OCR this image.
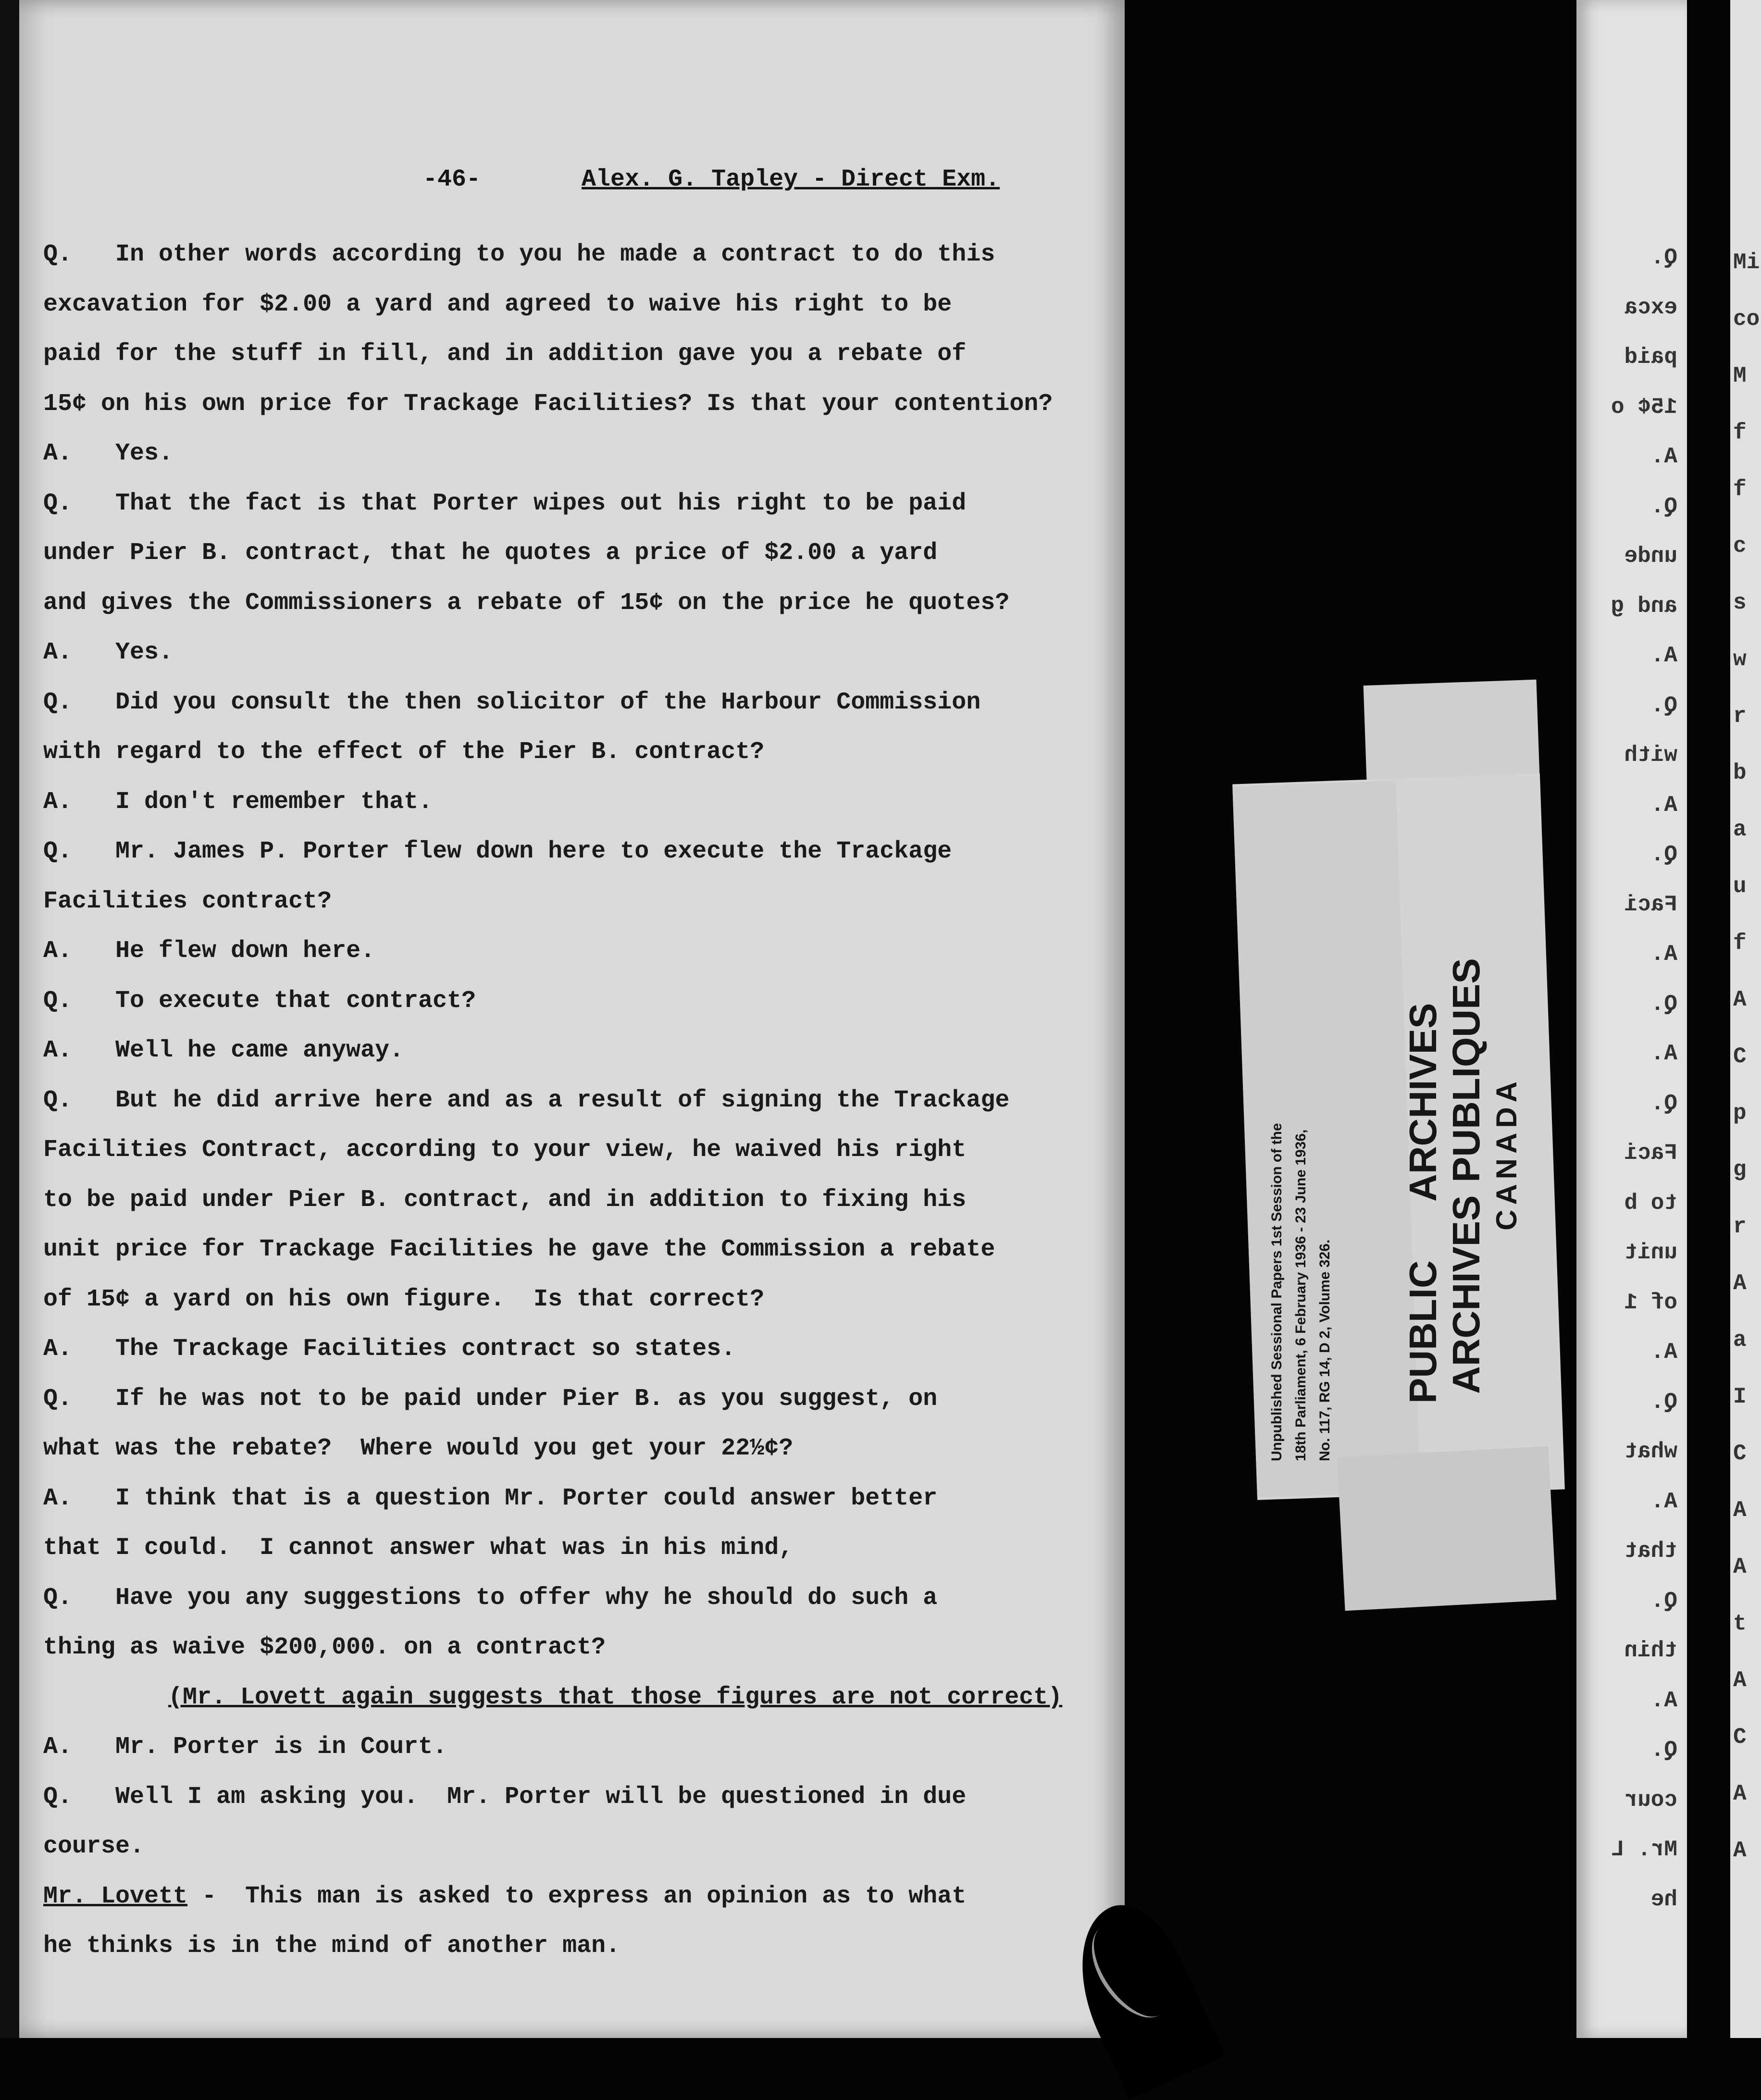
-46-	Alex. G. Tapley - Direct Exm.
Q.   In other words according to you he made a contract to do this
excavation for $2.00 a yard and agreed to waive his right to be
paid for the stuff in fill, and in addition gave you a rebate of
15¢ on his own price for Trackage Facilities? Is that your contention?
A.   Yes.
Q.   That the fact is that Porter wipes out his right to be paid
under Pier B. contract, that he quotes a price of $2.00 a yard
and gives the Commissioners a rebate of 15¢ on the price he quotes?
A.   Yes.
Q.   Did you consult the then solicitor of the Harbour Commission
with regard to the effect of the Pier B. contract?
A.   I don't remember that.
Q.   Mr. James P. Porter flew down here to execute the Trackage
Facilities contract?
A.   He flew down here.
Q.   To execute that contract?
A.   Well he came anyway.
Q.   But he did arrive here and as a result of signing the Trackage
Facilities Contract, according to your view, he waived his right
to be paid under Pier B. contract, and in addition to fixing his
unit price for Trackage Facilities he gave the Commission a rebate
of 15¢ a yard on his own figure.  Is that correct?
A.   The Trackage Facilities contract so states.
Q.   If he was not to be paid under Pier B. as you suggest, on
what was the rebate?  Where would you get your 22½¢?
A.   I think that is a question Mr. Porter could answer better
that I could.  I cannot answer what was in his mind,
Q.   Have you any suggestions to offer why he should do such a
thing as waive $200,000. on a contract?
(Mr. Lovett again suggests that those figures are not correct)
A.   Mr. Porter is in Court.
Q.   Well I am asking you.  Mr. Porter will be questioned in due
course.
Mr. Lovett -  This man is asked to express an opinion as to what
he thinks is in the mind of another man.
Q.
exca
paid
15¢ o
A.
Q.
unde
and g
A.
Q.
with
A.
Q.
Faci
A.
Q.
A.
Q.
Faci
to b
unit
of 1
A.
Q.
what
A.
that
Q.
thin
A.
Q.
cour
Mr. L
he
Mi
co
M
f
f
c
s
w
r
b
a
u
f
A
C
p
g
r
A
a
I
C
A
A
t
A
C
A
A
Unpublished Sessional Papers 1st Session of the 18th Parliament, 6 February 1936 - 23 June 1936, No. 117, RG 14, D 2, Volume 326. PUBLIC
ARCHIVES
ARCHIVES
PUBLIQUES CANADA
